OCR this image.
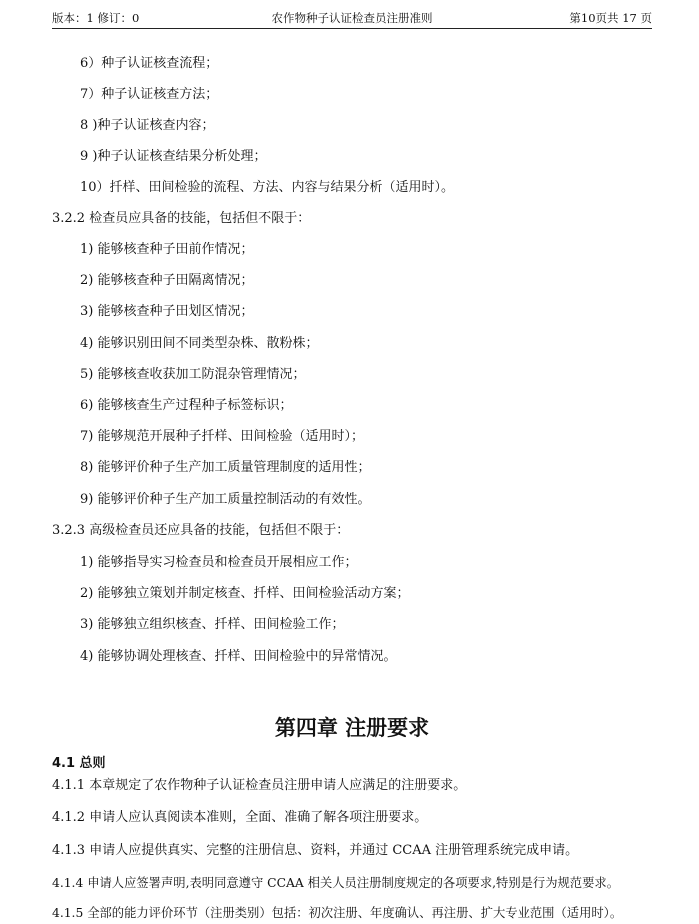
版本：1 修订：0	农作物种子认证检查员注册准则	第10页共 17 页
6）种子认证核查流程；
7）种子认证核查方法；
8 )种子认证核查内容；
9 )种子认证核查结果分析处理；
10）扦样、田间检验的流程、方法、内容与结果分析（适用时）。
3.2.2 检查员应具备的技能，包括但不限于：
1) 能够核查种子田前作情况；
2) 能够核查种子田隔离情况；
3) 能够核查种子田划区情况；
4) 能够识别田间不同类型杂株、散粉株；
5) 能够核查收获加工防混杂管理情况；
6) 能够核查生产过程种子标签标识；
7) 能够规范开展种子扦样、田间检验（适用时）；
8) 能够评价种子生产加工质量管理制度的适用性；
9) 能够评价种子生产加工质量控制活动的有效性。
3.2.3 高级检查员还应具备的技能，包括但不限于：
1) 能够指导实习检查员和检查员开展相应工作；
2) 能够独立策划并制定核查、扦样、田间检验活动方案；
3) 能够独立组织核查、扦样、田间检验工作；
4) 能够协调处理核查、扦样、田间检验中的异常情况。
第四章 注册要求
4.1 总则
4.1.1 本章规定了农作物种子认证检查员注册申请人应满足的注册要求。
4.1.2 申请人应认真阅读本准则，全面、准确了解各项注册要求。
4.1.3 申请人应提供真实、完整的注册信息、资料，并通过 CCAA 注册管理系统完成申请。
4.1.4 申请人应签署声明,表明同意遵守 CCAA 相关人员注册制度规定的各项要求,特别是行为规范要求。
4.1.5 全部的能力评价环节（注册类别）包括：初次注册、年度确认、再注册、扩大专业范围（适用时）。
